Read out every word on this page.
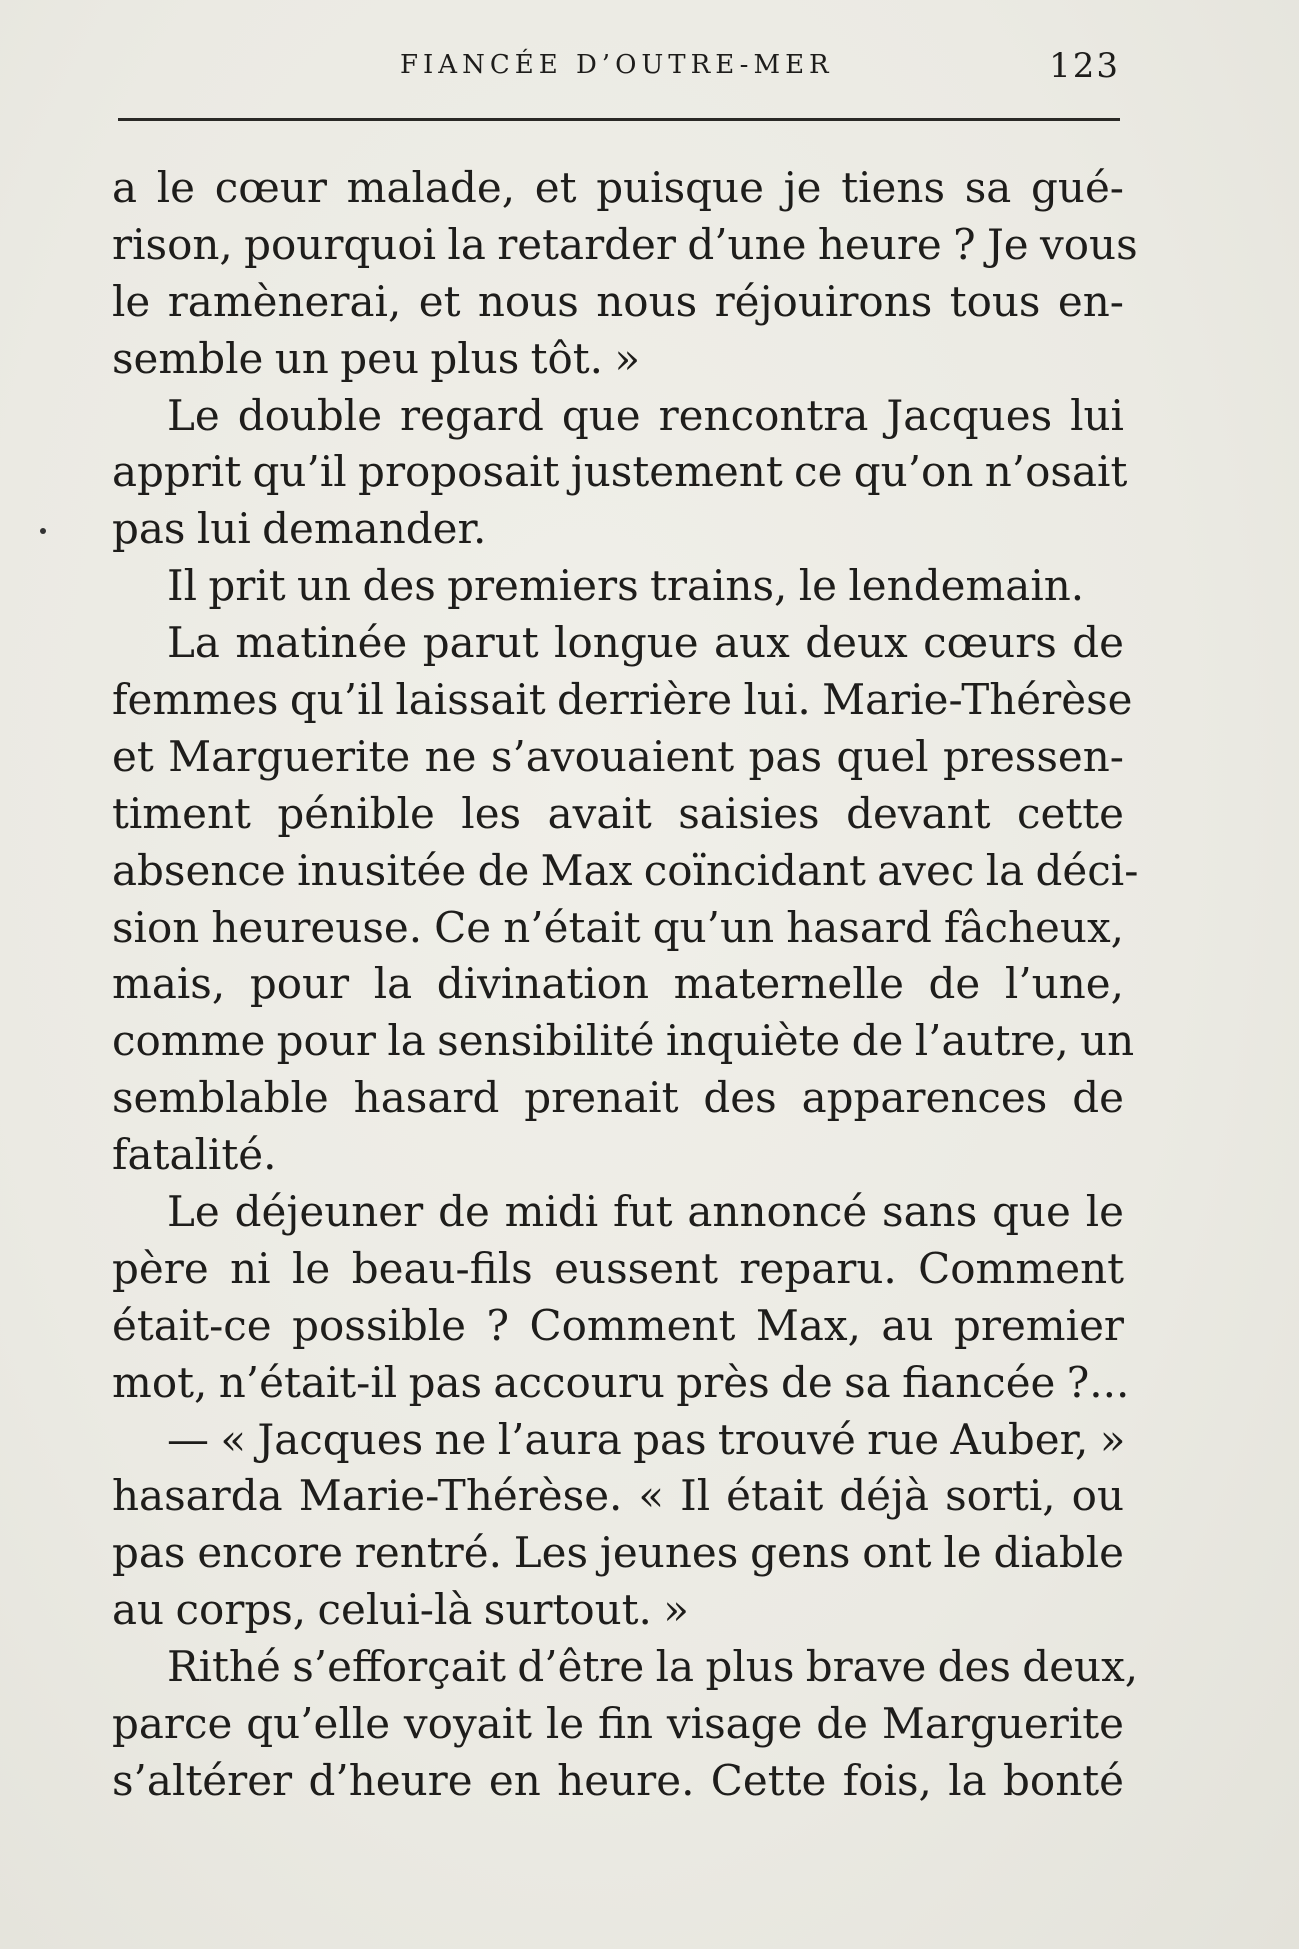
FIANCÉE D’OUTRE-MER	123
a le cœur malade, et puisque je tiens sa gué-
rison, pourquoi la retarder d’une heure ? Je vous
le ramènerai, et nous nous réjouirons tous en-
semble un peu plus tôt. »
Le double regard que rencontra Jacques lui
apprit qu’il proposait justement ce qu’on n’osait
pas lui demander.
Il prit un des premiers trains, le lendemain.
La matinée parut longue aux deux cœurs de
femmes qu’il laissait derrière lui. Marie-Thérèse
et Marguerite ne s’avouaient pas quel pressen-
timent pénible les avait saisies devant cette
absence inusitée de Max coïncidant avec la déci-
sion heureuse. Ce n’était qu’un hasard fâcheux,
mais, pour la divination maternelle de l’une,
comme pour la sensibilité inquiète de l’autre, un
semblable hasard prenait des apparences de
fatalité.
Le déjeuner de midi fut annoncé sans que le
père ni le beau-fils eussent reparu. Comment
était-ce possible ? Comment Max, au premier
mot, n’était-il pas accouru près de sa fiancée ?...
— « Jacques ne l’aura pas trouvé rue Auber, »
hasarda Marie-Thérèse. « Il était déjà sorti, ou
pas encore rentré. Les jeunes gens ont le diable
au corps, celui-là surtout. »
Rithé s’efforçait d’être la plus brave des deux,
parce qu’elle voyait le fin visage de Marguerite
s’altérer d’heure en heure. Cette fois, la bonté
